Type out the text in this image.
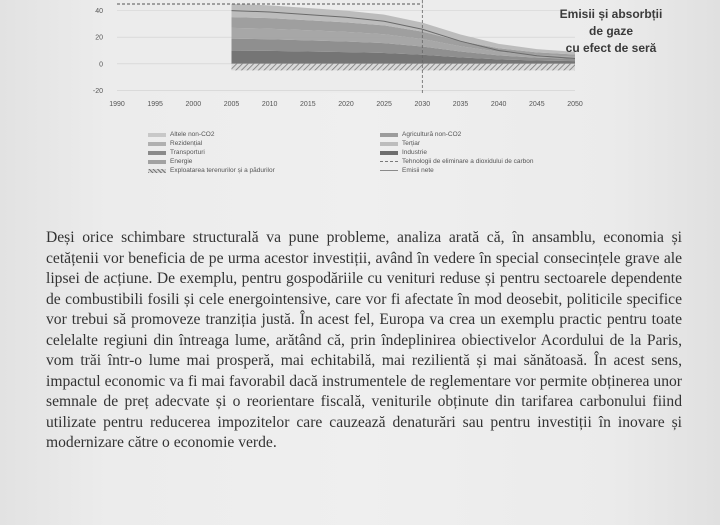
1990	1995	2000	2005	2010	2015	2020	2025	2030	2035	2040	2045	2050
40
20
0
-20
Emisii și absorbții
de gaze
cu efect de seră
Altele non-CO2
Rezidențial
Transporturi
Energie
Exploatarea terenurilor și a pădurilor
Agricultură non-CO2
Terțiar
Industrie
Tehnologii de eliminare a dioxidului de carbon
Emisii nete

Deși orice schimbare structurală va pune probleme, analiza arată că, în ansamblu, economia și cetățenii vor beneficia de pe urma acestor investiții, având în vedere în special consecințele grave ale lipsei de acțiune. De exemplu, pentru gospodăriile cu venituri reduse și pentru sectoarele dependente de combustibili fosili și cele energointensive, care vor fi afectate în mod deosebit, politicile specifice vor trebui să promoveze tranziția justă. În acest fel, Europa va crea un exemplu practic pentru toate celelalte regiuni din întreaga lume, arătând că, prin îndeplinirea obiectivelor Acordului de la Paris, vom trăi într-o lume mai prosperă, mai echitabilă, mai rezilientă și mai sănătoasă. În acest sens, impactul economic va fi mai favorabil dacă instrumentele de reglementare vor permite obținerea unor semnale de preț adecvate și o reorientare fiscală, veniturile obținute din tarifarea carbonului fiind utilizate pentru reducerea impozitelor care cauzează denaturări sau pentru investiții în inovare și modernizare către o economie verde.
